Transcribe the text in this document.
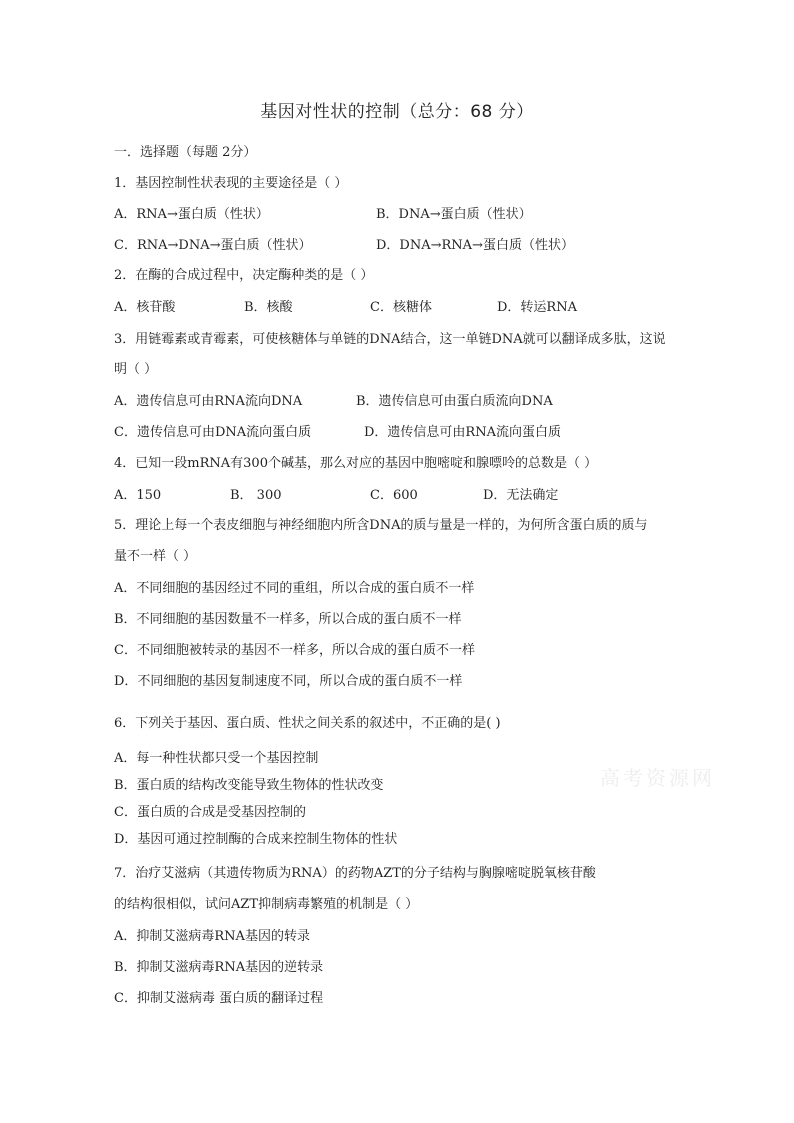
基因对性状的控制（总分：68 分）
一．选择题（每题 2分）
1．基因控制性状表现的主要途径是（ ）
A．RNA→蛋白质（性状）	B．DNA→蛋白质（性状）
C．RNA→DNA→蛋白质（性状）	D．DNA→RNA→蛋白质（性状）
2．在酶的合成过程中，决定酶种类的是（ ）
A．核苷酸	B．核酸	C．核糖体	D．转运RNA
3．用链霉素或青霉素，可使核糖体与单链的DNA结合，这一单链DNA就可以翻译成多肽，这说
明（ ）
A．遗传信息可由RNA流向DNA	B．遗传信息可由蛋白质流向DNA
C．遗传信息可由DNA流向蛋白质	D．遗传信息可由RNA流向蛋白质
4．已知一段mRNA有300个碱基，那么对应的基因中胞嘧啶和腺嘌呤的总数是（ ）
A．150	B． 300	C．600	D．无法确定
5．理论上每一个表皮细胞与神经细胞内所含DNA的质与量是一样的，为何所含蛋白质的质与
量不一样（ ）
A．不同细胞的基因经过不同的重组，所以合成的蛋白质不一样
B．不同细胞的基因数量不一样多，所以合成的蛋白质不一样
C．不同细胞被转录的基因不一样多，所以合成的蛋白质不一样
D．不同细胞的基因复制速度不同，所以合成的蛋白质不一样
6．下列关于基因、蛋白质、性状之间关系的叙述中，不正确的是( )
A．每一种性状都只受一个基因控制
B．蛋白质的结构改变能导致生物体的性状改变
C．蛋白质的合成是受基因控制的
D．基因可通过控制酶的合成来控制生物体的性状
7．治疗艾滋病（其遗传物质为RNA）的药物AZT的分子结构与胸腺嘧啶脱氧核苷酸
的结构很相似，试问AZT抑制病毒繁殖的机制是（ ）
A．抑制艾滋病毒RNA基因的转录
B．抑制艾滋病毒RNA基因的逆转录
C．抑制艾滋病毒 蛋白质的翻译过程
高考资源网
